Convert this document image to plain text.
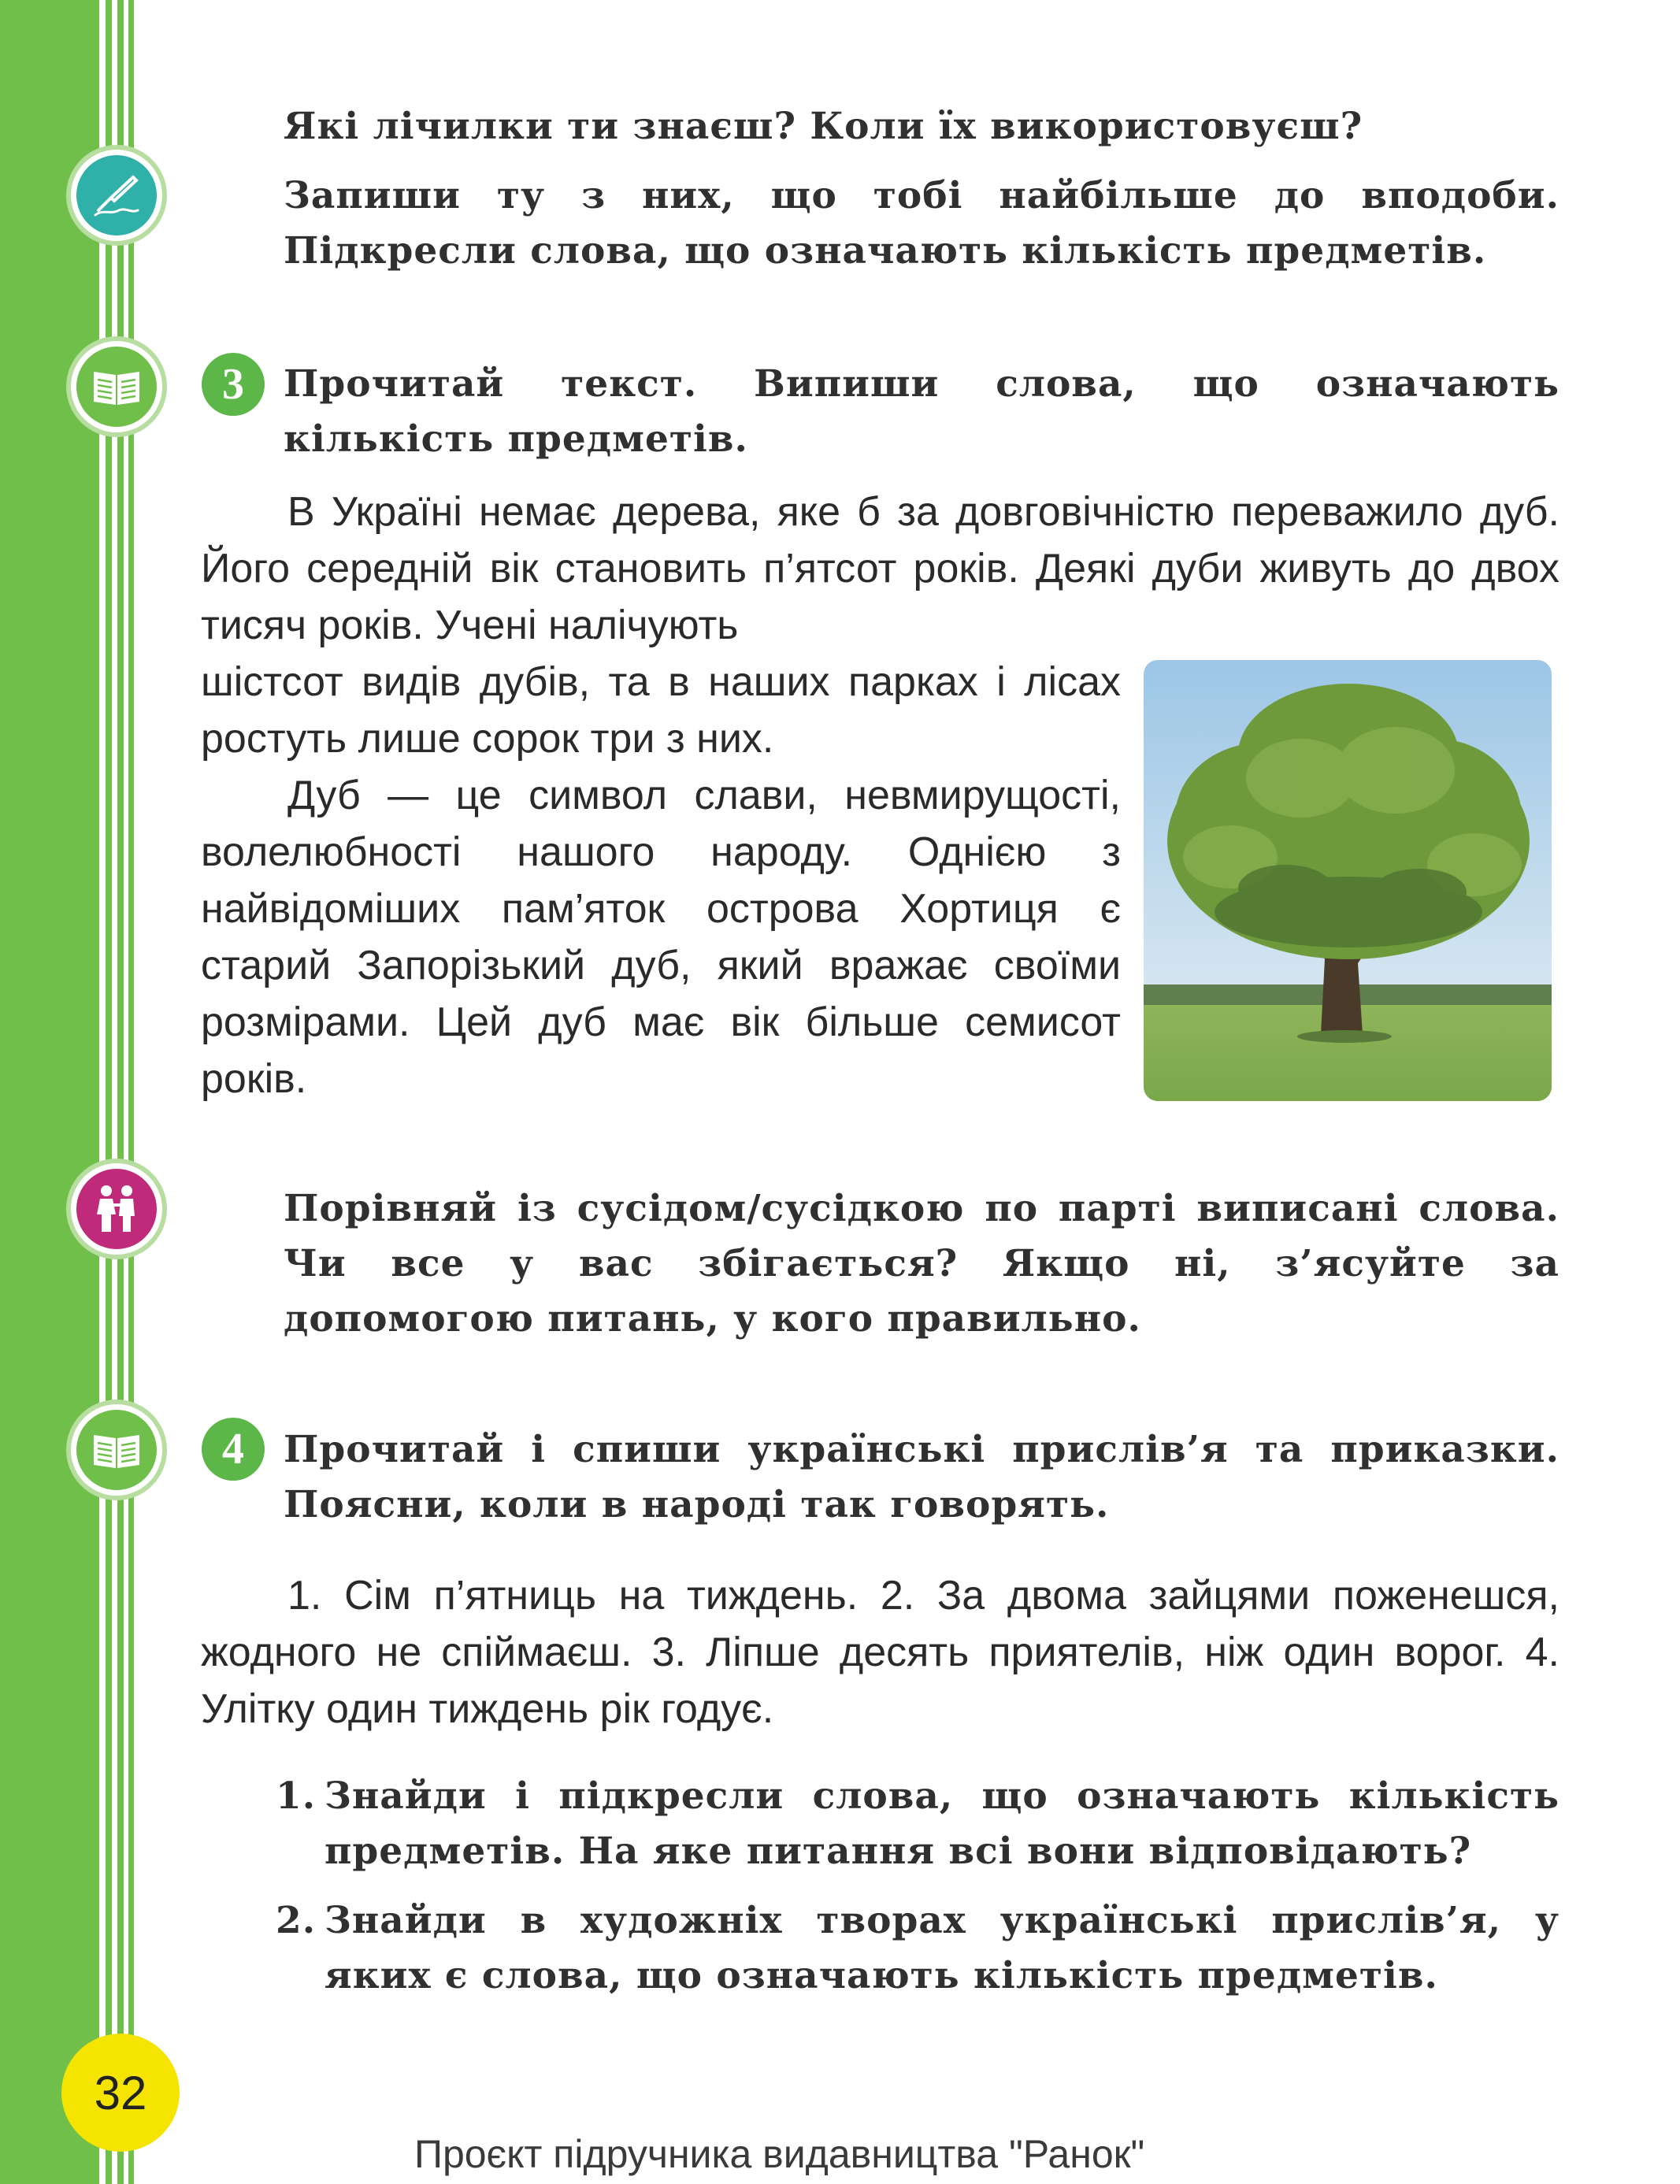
Які лічилки ти знаєш? Коли їх використовуєш?

Запиши ту з них, що тобі найбільше до вподоби. Підкресли слова, що означають кількість предметів.

3	Прочитай текст. Випиши слова, що означають кількість предметів.

В Україні немає дерева, яке б за довговічністю переважило дуб. Його середній вік становить п’ятсот років. Деякі дуби живуть до двох тисяч років. Учені налічують

шістсот видів дубів, та в наших парках і лісах ростуть лише сорок три з них.

Дуб — це символ слави, невмирущості, волелюбності нашого народу. Однією з найвідоміших пам’яток острова Хортиця є старий Запорізький дуб, який вражає своїми розмірами. Цей дуб має вік більше семисот років.

Порівняй із сусідом/сусідкою по парті виписані слова. Чи все у вас збігається? Якщо ні, з’ясуйте за допомогою питань, у кого правильно.

4	Прочитай і спиши українські прислів’я та приказки. Поясни, коли в народі так говорять.

1. Сім п’ятниць на тиждень. 2. За двома зайцями поженешся, жодного не спіймаєш. 3. Ліпше десять приятелів, ніж один ворог. 4. Улітку один тиждень рік годує.

1. Знайди і підкресли слова, що означають кількість предметів. На яке питання всі вони відповідають?
2. Знайди в художніх творах українські прислів’я, у яких є слова, що означають кількість предметів.
32
Проєкт підручника видавництва "Ранок"
